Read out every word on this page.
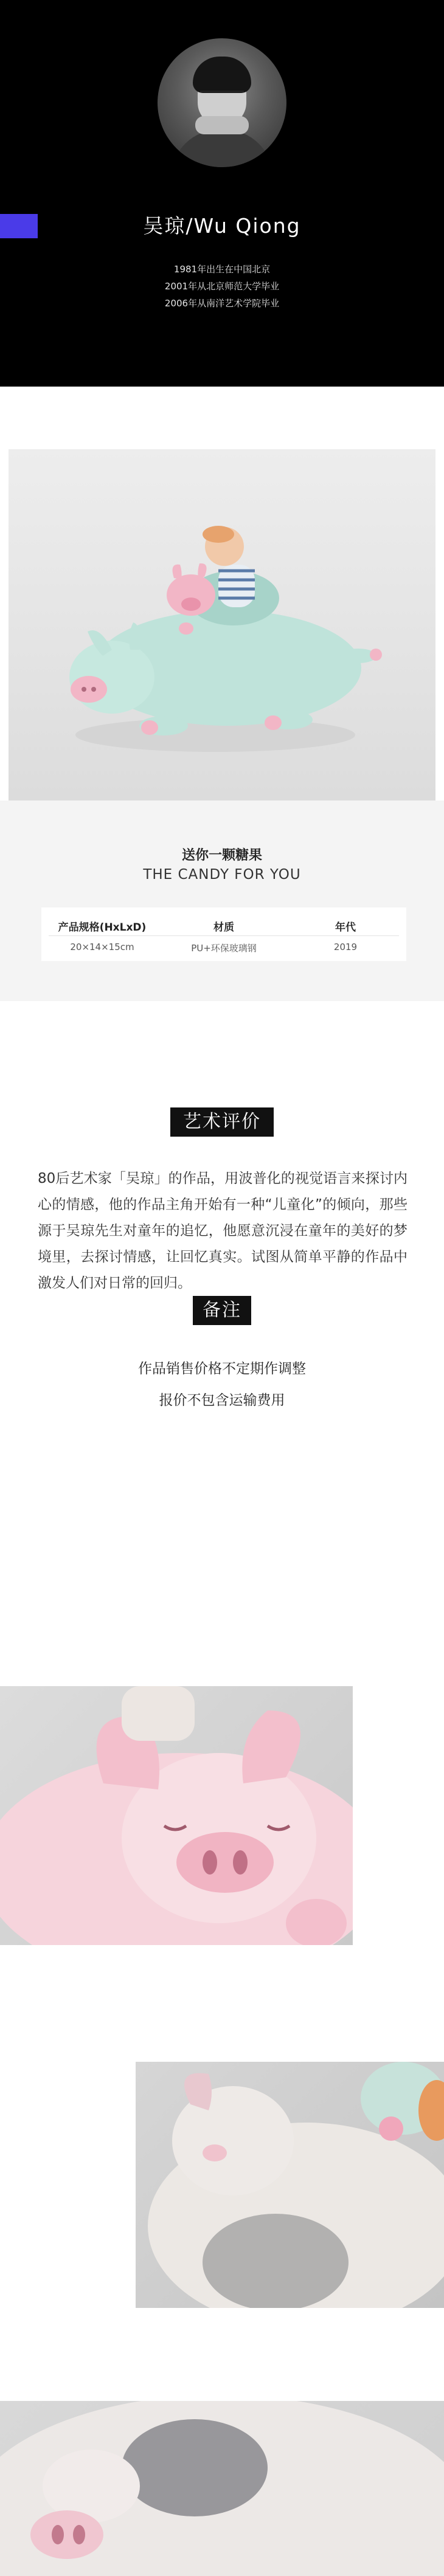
吴琼/Wu Qiong
1981年出生在中国北京
2001年从北京师范大学毕业
2006年从南洋艺术学院毕业
送你一颗糖果
THE CANDY FOR YOU
产品规格(HxLxD)
20×14×15cm
材质
PU+环保玻璃钢
年代
2019
艺术评价
80后艺术家「吴琼」的作品，用波普化的视觉语言来探讨内心的情感，他的作品主角开始有一种“儿童化”的倾向，那些源于吴琼先生对童年的追忆，他愿意沉浸在童年的美好的梦境里，去探讨情感，让回忆真实。试图从简单平静的作品中激发人们对日常的回归。
备注
作品销售价格不定期作调整
报价不包含运输费用
